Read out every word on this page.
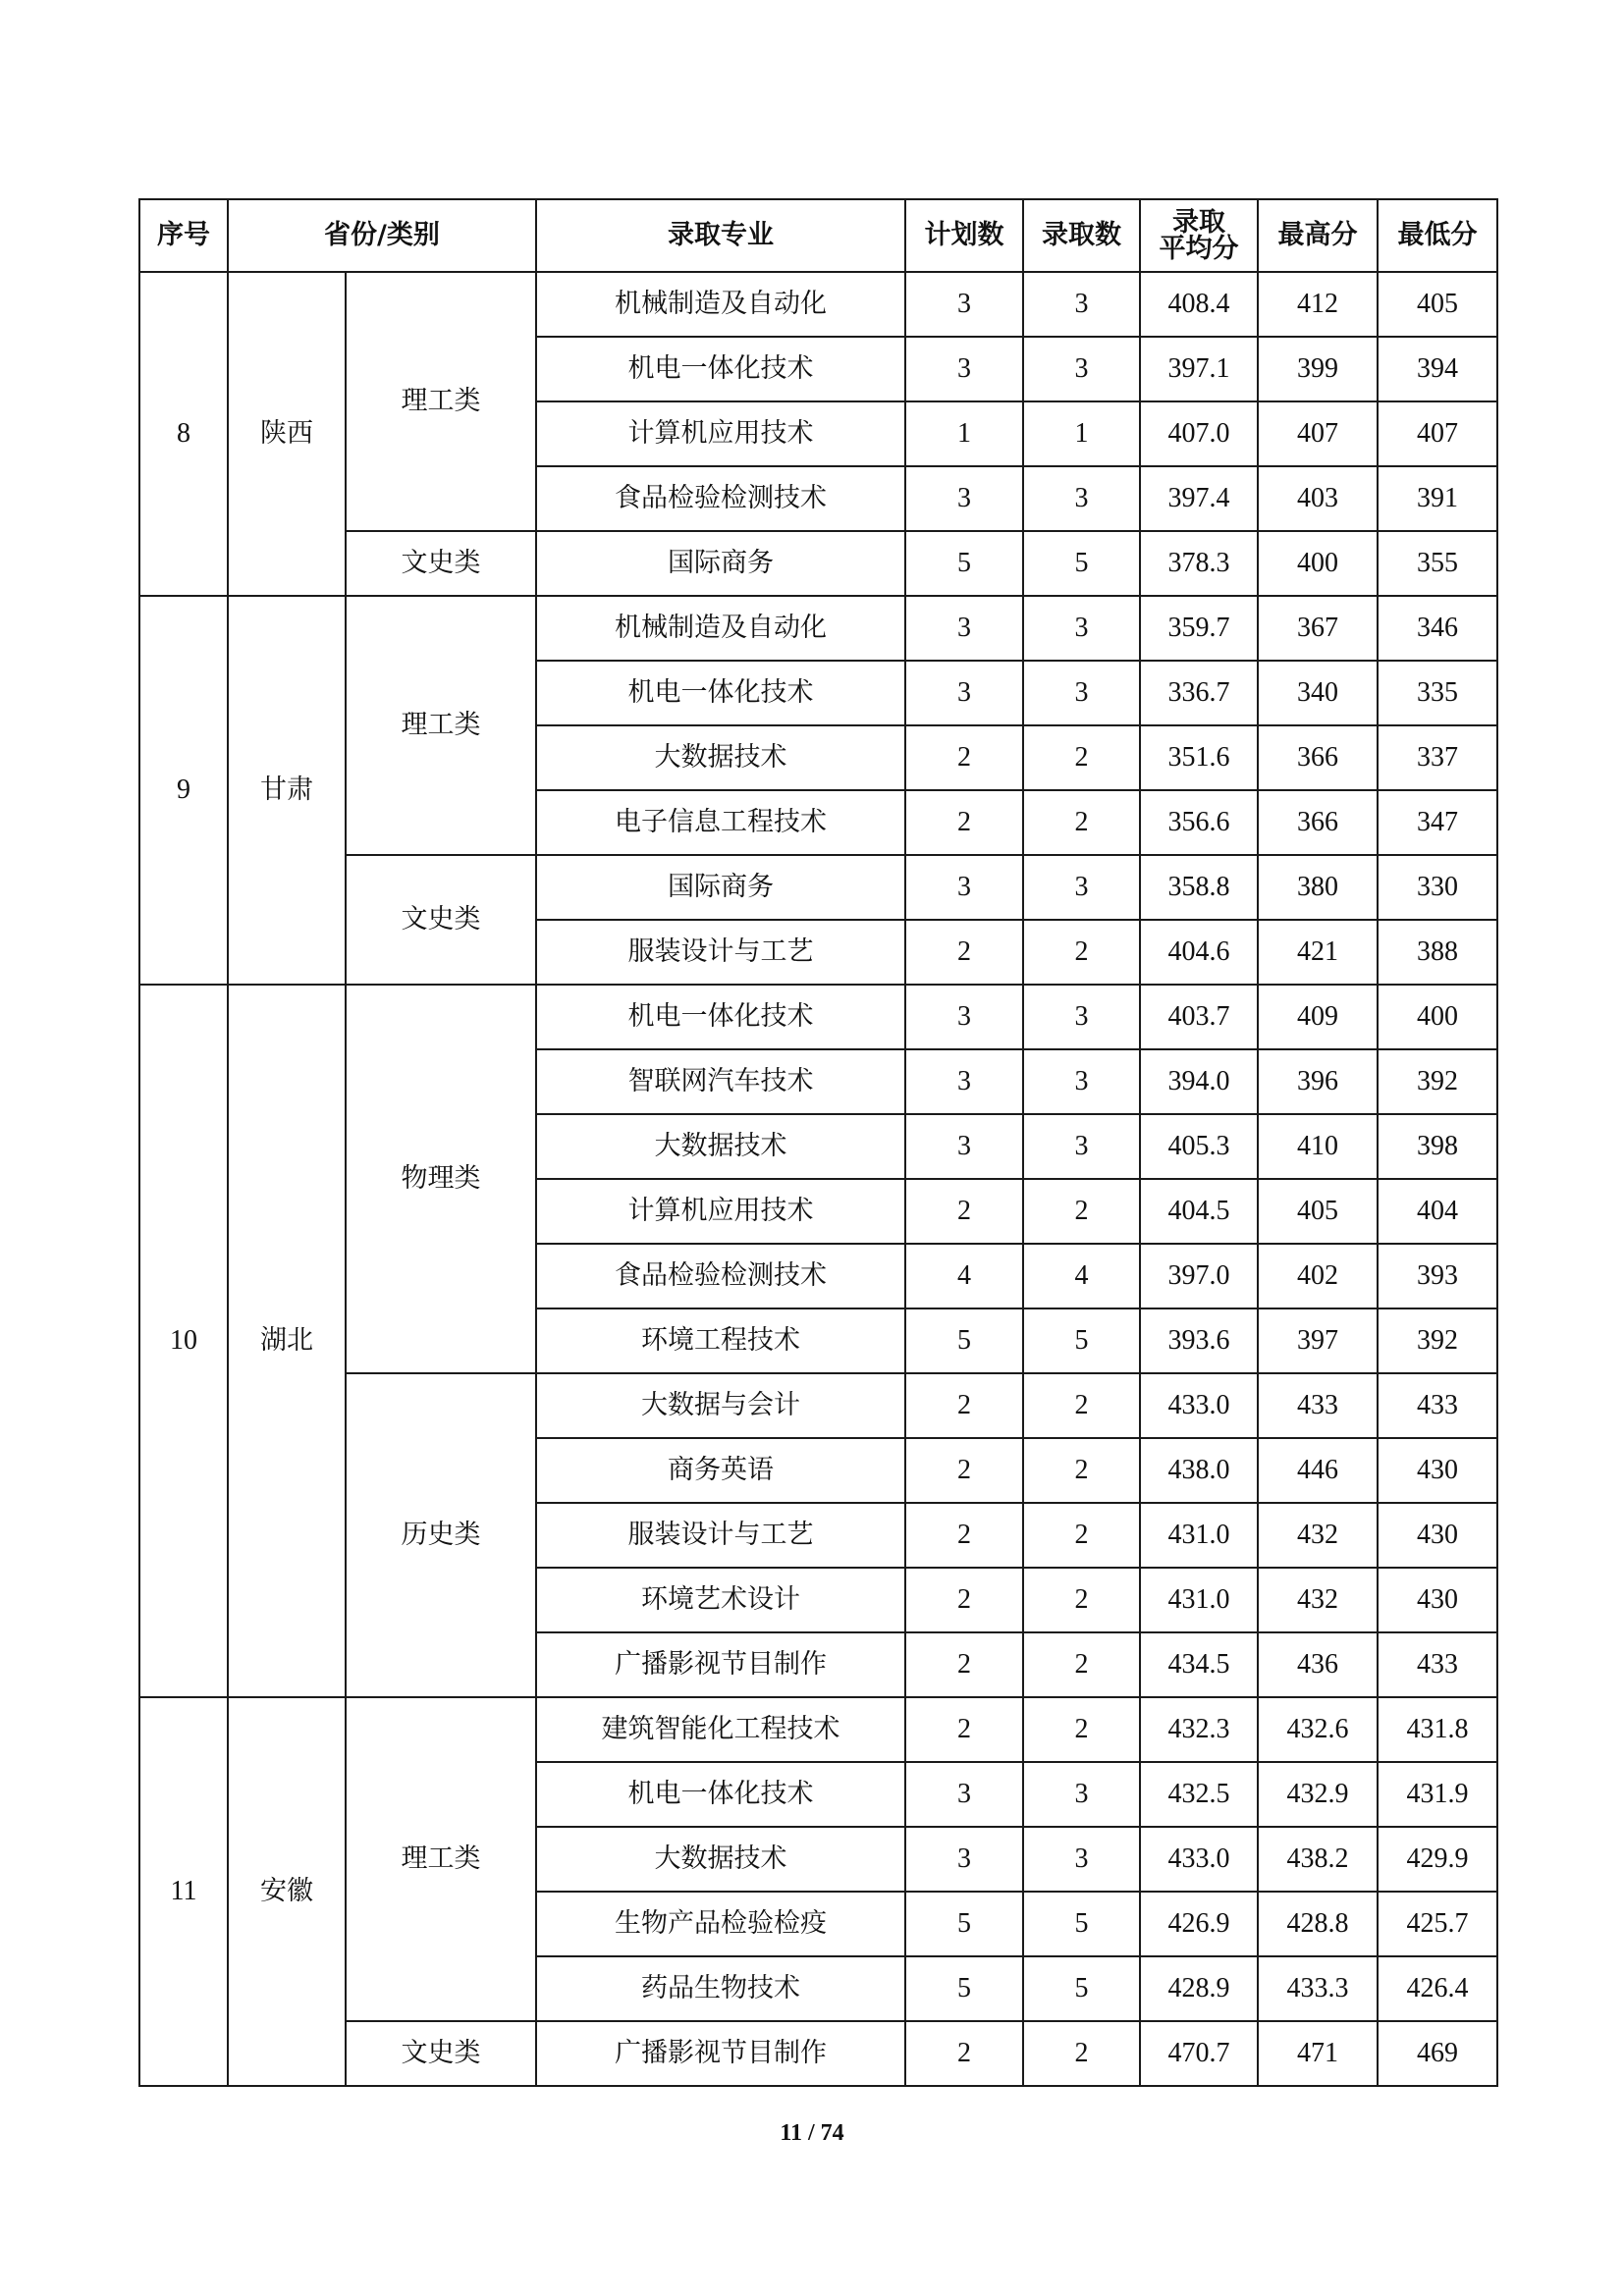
序号	省份/类别		录取专业	计划数	录取数	录取
平均分	最高分	最低分
8	陕西	理工类	机械制造及自动化	3	3	408.4	412	405
			机电一体化技术	3	3	397.1	399	394
			计算机应用技术	1	1	407.0	407	407
			食品检验检测技术	3	3	397.4	403	391
		文史类	国际商务	5	5	378.3	400	355
9	甘肃	理工类	机械制造及自动化	3	3	359.7	367	346
			机电一体化技术	3	3	336.7	340	335
			大数据技术	2	2	351.6	366	337
			电子信息工程技术	2	2	356.6	366	347
		文史类	国际商务	3	3	358.8	380	330
			服装设计与工艺	2	2	404.6	421	388
10	湖北	物理类	机电一体化技术	3	3	403.7	409	400
			智联网汽车技术	3	3	394.0	396	392
			大数据技术	3	3	405.3	410	398
			计算机应用技术	2	2	404.5	405	404
			食品检验检测技术	4	4	397.0	402	393
			环境工程技术	5	5	393.6	397	392
		历史类	大数据与会计	2	2	433.0	433	433
			商务英语	2	2	438.0	446	430
			服装设计与工艺	2	2	431.0	432	430
			环境艺术设计	2	2	431.0	432	430
			广播影视节目制作	2	2	434.5	436	433
11	安徽	理工类	建筑智能化工程技术	2	2	432.3	432.6	431.8
			机电一体化技术	3	3	432.5	432.9	431.9
			大数据技术	3	3	433.0	438.2	429.9
			生物产品检验检疫	5	5	426.9	428.8	425.7
			药品生物技术	5	5	428.9	433.3	426.4
		文史类	广播影视节目制作	2	2	470.7	471	469
11 / 74
